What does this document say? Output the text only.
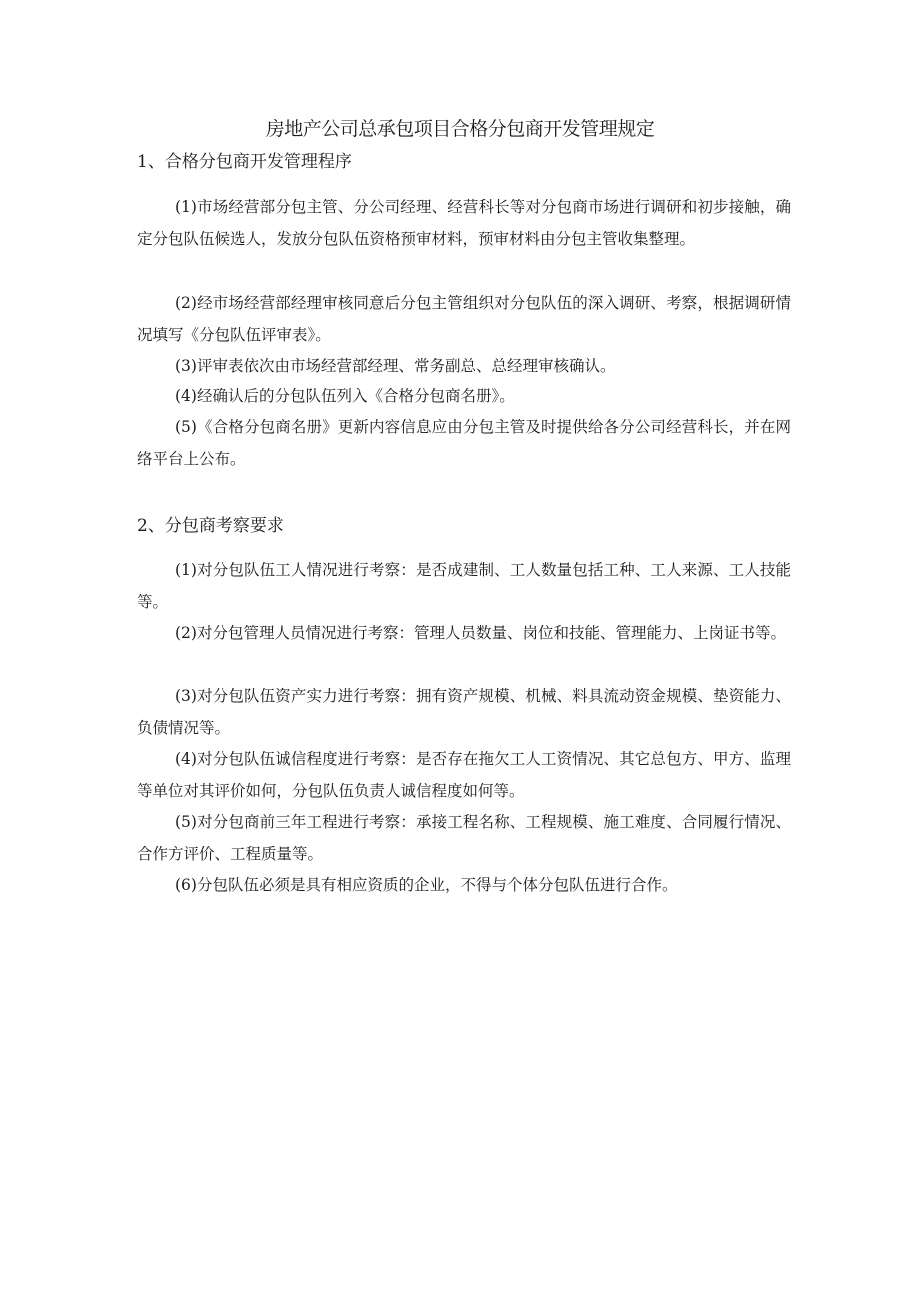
房地产公司总承包项目合格分包商开发管理规定
1、合格分包商开发管理程序

(1)市场经营部分包主管、分公司经理、经营科长等对分包商市场进行调研和初步接触，确定分包队伍候选人，发放分包队伍资格预审材料，预审材料由分包主管收集整理。

(2)经市场经营部经理审核同意后分包主管组织对分包队伍的深入调研、考察，根据调研情况填写《分包队伍评审表》。

(3)评审表依次由市场经营部经理、常务副总、总经理审核确认。

(4)经确认后的分包队伍列入《合格分包商名册》。

(5)《合格分包商名册》更新内容信息应由分包主管及时提供给各分公司经营科长，并在网络平台上公布。

2、分包商考察要求

(1)对分包队伍工人情况进行考察：是否成建制、工人数量包括工种、工人来源、工人技能等。

(2)对分包管理人员情况进行考察：管理人员数量、岗位和技能、管理能力、上岗证书等。

(3)对分包队伍资产实力进行考察：拥有资产规模、机械、料具流动资金规模、垫资能力、负债情况等。

(4)对分包队伍诚信程度进行考察：是否存在拖欠工人工资情况、其它总包方、甲方、监理等单位对其评价如何，分包队伍负责人诚信程度如何等。

(5)对分包商前三年工程进行考察：承接工程名称、工程规模、施工难度、合同履行情况、合作方评价、工程质量等。

(6)分包队伍必须是具有相应资质的企业，不得与个体分包队伍进行合作。
